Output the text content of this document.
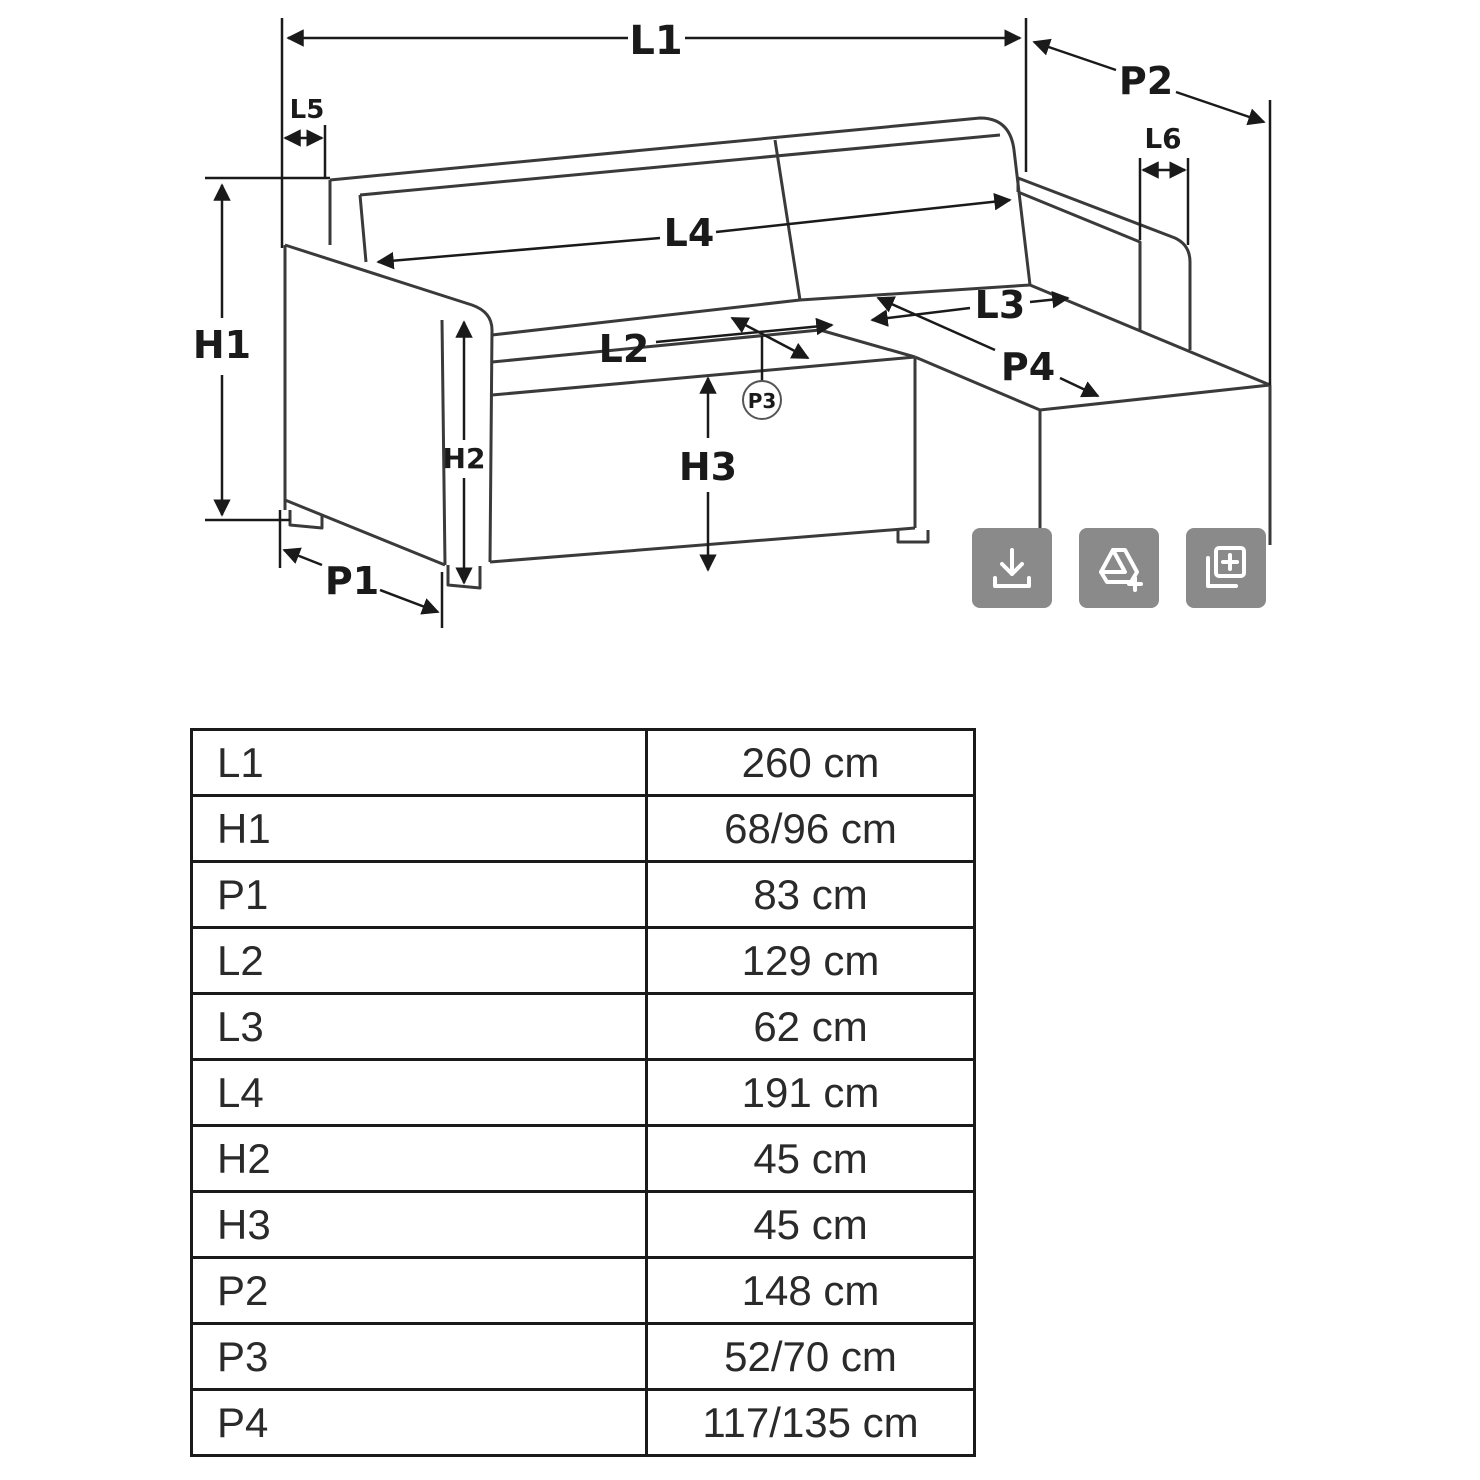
L1
P2
L5
L6
H1
L4
L3
L2	P4
P3
H2	H3
P1
L1	260 cm
H1	68/96 cm
P1	83 cm
L2	129 cm
L3	62 cm
L4	191 cm
H2	45 cm
H3	45 cm
P2	148 cm
P3	52/70 cm
P4	117/135 cm
